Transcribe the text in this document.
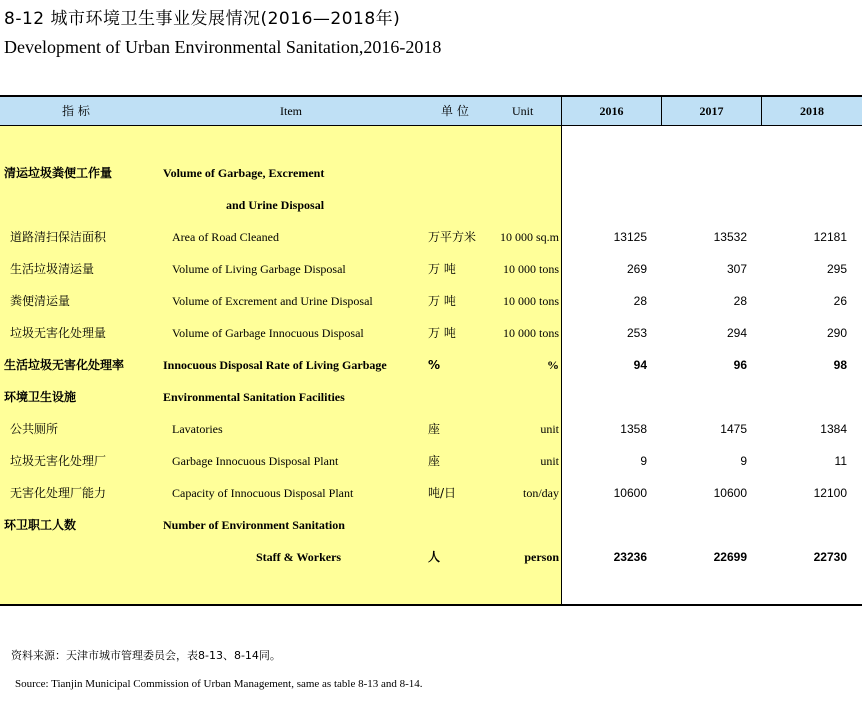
8-12 城市环境卫生事业发展情况(2016—2018年)
Development of Urban Environmental Sanitation,2016-2018
指 标	Item	单 位	Unit	2016	2017	2018
清运垃圾粪便工作量	Volume of Garbage, Excrement
and Urine Disposal
道路清扫保洁面积	Area of Road Cleaned	万平方米	10 000 sq.m	13125	13532	12181
生活垃圾清运量	Volume of Living Garbage Disposal	万 吨	10 000 tons	269	307	295
粪便清运量	Volume of Excrement and Urine Disposal	万 吨	10 000 tons	28	28	26
垃圾无害化处理量	Volume of Garbage Innocuous Disposal	万 吨	10 000 tons	253	294	290
生活垃圾无害化处理率	Innocuous Disposal Rate of Living Garbage	%	%	94	96	98
环境卫生设施	Environmental Sanitation Facilities
公共厕所	Lavatories	座	unit	1358	1475	1384
垃圾无害化处理厂	Garbage Innocuous Disposal Plant	座	unit	9	9	11
无害化处理厂能力	Capacity of Innocuous Disposal Plant	吨/日	ton/day	10600	10600	12100
环卫职工人数	Number of Environment Sanitation
Staff & Workers	人	person	23236	22699	22730
资料来源：天津市城市管理委员会，表8-13、8-14同。
Source: Tianjin Municipal Commission of Urban Management, same as table 8-13 and 8-14.
